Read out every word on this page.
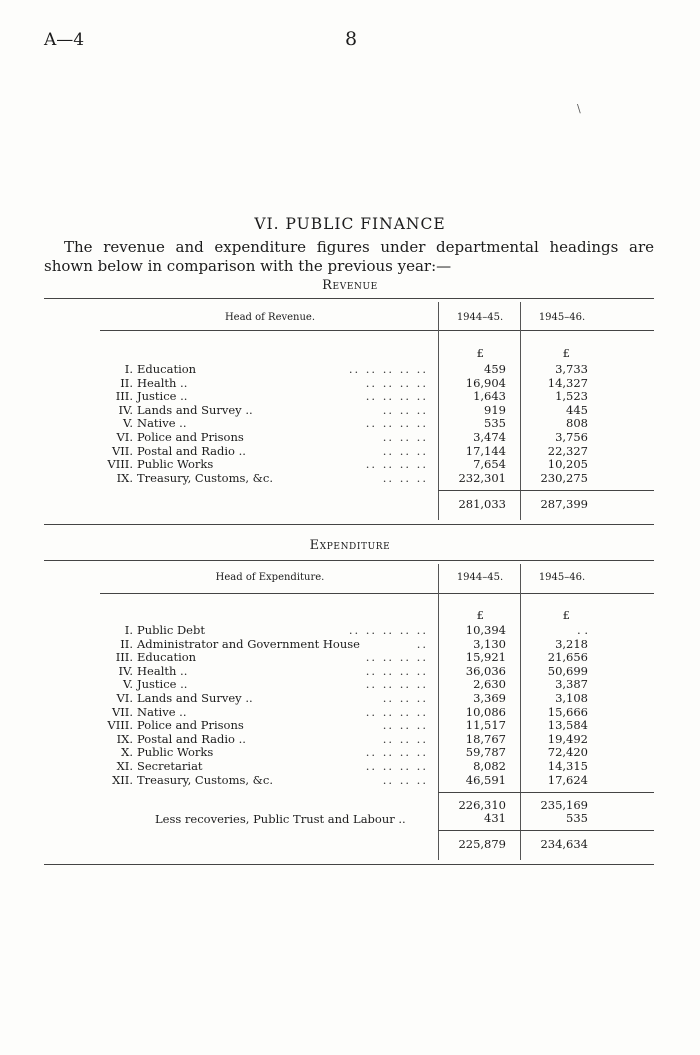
A—4	8
\
VI. PUBLIC FINANCE
The revenue and expenditure figures under departmental headings are
shown below in comparison with the previous year:—
Revenue
Head of Revenue.	1944–45.	1945–46.
£	£
I. Education	.. .. .. .. ..	459	3,733
II. Health ..	.. .. .. ..	16,904	14,327
III. Justice ..	.. .. .. ..	1,643	1,523
IV. Lands and Survey ..	.. .. ..	919	445
V. Native ..	.. .. .. ..	535	808
VI. Police and Prisons	.. .. ..	3,474	3,756
VII. Postal and Radio ..	.. .. ..	17,144	22,327
VIII. Public Works	.. .. .. ..	7,654	10,205
IX. Treasury, Customs, &c.	.. .. ..	232,301	230,275
281,033	287,399
Expenditure
Head of Expenditure.	1944–45.	1945–46.
£	£
I. Public Debt	.. .. .. .. ..	10,394	. .
II. Administrator and Government House	..	3,130	3,218
III. Education	.. .. .. ..	15,921	21,656
IV. Health ..	.. .. .. ..	36,036	50,699
V. Justice ..	.. .. .. ..	2,630	3,387
VI. Lands and Survey ..	.. .. ..	3,369	3,108
VII. Native ..	.. .. .. ..	10,086	15,666
VIII. Police and Prisons	.. .. ..	11,517	13,584
IX. Postal and Radio ..	.. .. ..	18,767	19,492
X. Public Works	.. .. .. ..	59,787	72,420
XI. Secretariat	.. .. .. ..	8,082	14,315
XII. Treasury, Customs, &c.	.. .. ..	46,591	17,624
226,310	235,169
Less recoveries, Public Trust and Labour ..	431	535
225,879	234,634
